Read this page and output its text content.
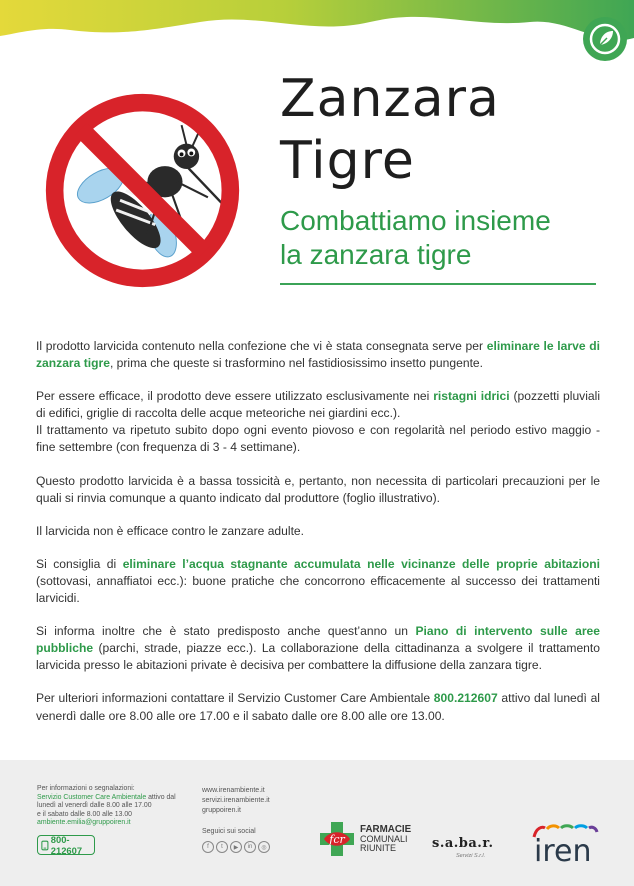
Zanzara
Tigre
Combattiamo insieme
la zanzara tigre

Il prodotto larvicida contenuto nella confezione che vi è stata consegnata serve per eliminare le larve di zanzara tigre, prima che queste si trasformino nel fastidiosissimo insetto pungente.

Per essere efficace, il prodotto deve essere utilizzato esclusivamente nei ristagni idrici (pozzetti pluviali di edifici, griglie di raccolta delle acque meteoriche nei giardini ecc.).
Il trattamento va ripetuto subito dopo ogni evento piovoso e con regolarità nel periodo estivo maggio - fine settembre (con frequenza di 3 - 4 settimane).

Questo prodotto larvicida è a bassa tossicità e, pertanto, non necessita di particolari precauzioni per le quali si rinvia comunque a quanto indicato dal produttore (foglio illustrativo).

Il larvicida non è efficace contro le zanzare adulte.

Si consiglia di eliminare l’acqua stagnante accumulata nelle vicinanze delle proprie abitazioni (sottovasi, annaffiatoi ecc.): buone pratiche che concorrono efficacemente al successo dei trattamenti larvicidi.

Si informa inoltre che è stato predisposto anche quest’anno un Piano di intervento sulle aree pubbliche (parchi, strade, piazze ecc.). La collaborazione della cittadinanza a svolgere il trattamento larvicida presso le abitazioni private è decisiva per combattere la diffusione della zanzara tigre.

Per ulteriori informazioni contattare il Servizio Customer Care Ambientale 800.212607 attivo dal lunedì al venerdì dalle ore 8.00 alle ore 17.00 e il sabato dalle ore 8.00 alle ore 13.00.

Per informazioni o segnalazioni:
Servizio Customer Care Ambientale attivo dal lunedì al venerdì dalle 8.00 alle 17.00
e il sabato dalle 8.00 alle 13.00
ambiente.emilia@gruppoiren.it
800-212607
www.irenambiente.it
servizi.irenambiente.it
gruppoiren.it
Seguici sui social
f	t	▶	in	◎
fcr
FARMACIE
COMUNALI
RIUNITE	s.a.ba.r.
Servizi S.r.l. iren
